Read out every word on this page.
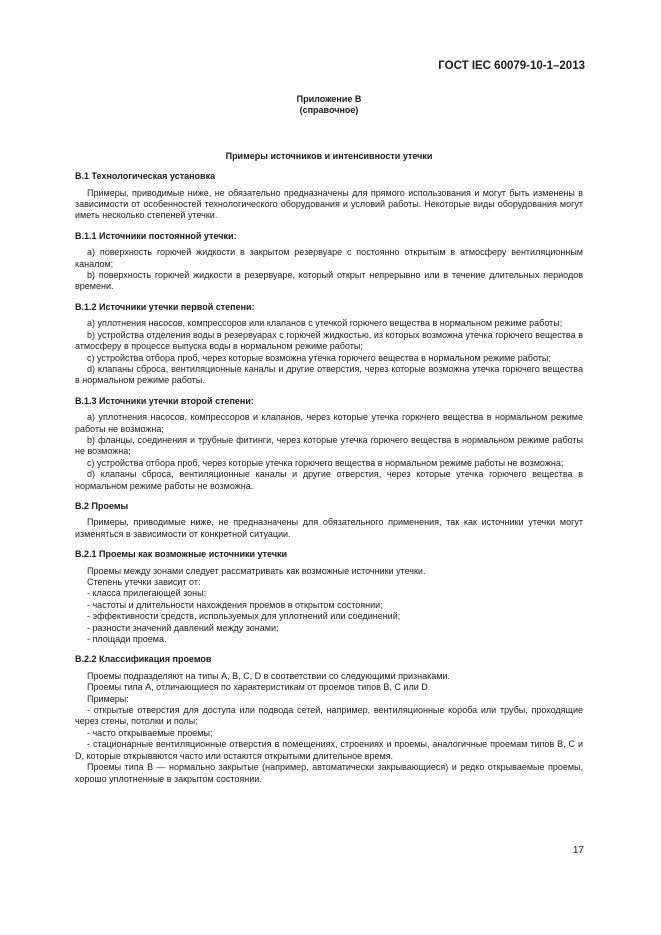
ГОСТ IEC 60079-10-1–2013
Приложение В
(справочное)
Примеры источников и интенсивности утечки
В.1 Технологическая установка

Примеры, приводимые ниже, не обязательно предназначены для прямого использования и могут быть изменены в зависимости от особенностей технологического оборудования и условий работы. Некоторые виды оборудования могут иметь несколько степеней утечки.

В.1.1 Источники постоянной утечки:

a) поверхность горючей жидкости в закрытом резервуаре с постоянно открытым в атмосферу вентиляционным каналом;

b) поверхность горючей жидкости в резервуаре, который открыт непрерывно или в течение длительных периодов времени.

В.1.2 Источники утечки первой степени:

a) уплотнения насосов, компрессоров или клапанов с утечкой горючего вещества в нормальном режиме работы;

b) устройства отделения воды в резервуарах с горючей жидкостью, из которых возможна утечка горючего вещества в атмосферу в процессе выпуска воды в нормальном режиме работы;

c) устройства отбора проб, через которые возможна утечка горючего вещества в нормальном режиме работы;

d) клапаны сброса, вентиляционные каналы и другие отверстия, через которые возможна утечка горючего вещества в нормальном режиме работы.

В.1.3 Источники утечки второй степени:

a) уплотнения насосов, компрессоров и клапанов, через которые утечка горючего вещества в нормальном режиме работы не возможна;

b) фланцы, соединения и трубные фитинги, через которые утечка горючего вещества в нормальном режиме работы не возможна;

c) устройства отбора проб, через которые утечка горючего вещества в нормальном режиме работы не возможна;

d) клапаны сброса, вентиляционные каналы и другие отверстия, через которые утечка горючего вещества в нормальном режиме работы не возможна.

В.2 Проемы

Примеры, приводимые ниже, не предназначены для обязательного применения, так как источники утечки могут изменяться в зависимости от конкретной ситуации.

В.2.1 Проемы как возможные источники утечки

Проемы между зонами следует рассматривать как возможные источники утечки.

Степень утечки зависит от:

- класса прилегающей зоны;

- частоты и длительности нахождения проемов в открытом состоянии;

- эффективности средств, используемых для уплотнений или соединений;

- разности значений давлений между зонами;

- площади проема.

В.2.2 Классификация проемов

Проемы подразделяют на типы A, B, C, D в соответствии со следующими признаками.

Проемы типа A, отличающиеся по характеристикам от проемов типов B, C или D.

Примеры:

- открытые отверстия для доступа или подвода сетей, например, вентиляционные короба или трубы, проходящие через стены, потолки и полы;

- часто открываемые проемы;

- стационарные вентиляционные отверстия в помещениях, строениях и проемы, аналогичные проемам типов B, C и D, которые открываются часто или остаются открытыми длительное время.

Проемы типа B — нормально закрытые (например, автоматически закрывающиеся) и редко открываемые проемы, хорошо уплотненные в закрытом состоянии.

17
